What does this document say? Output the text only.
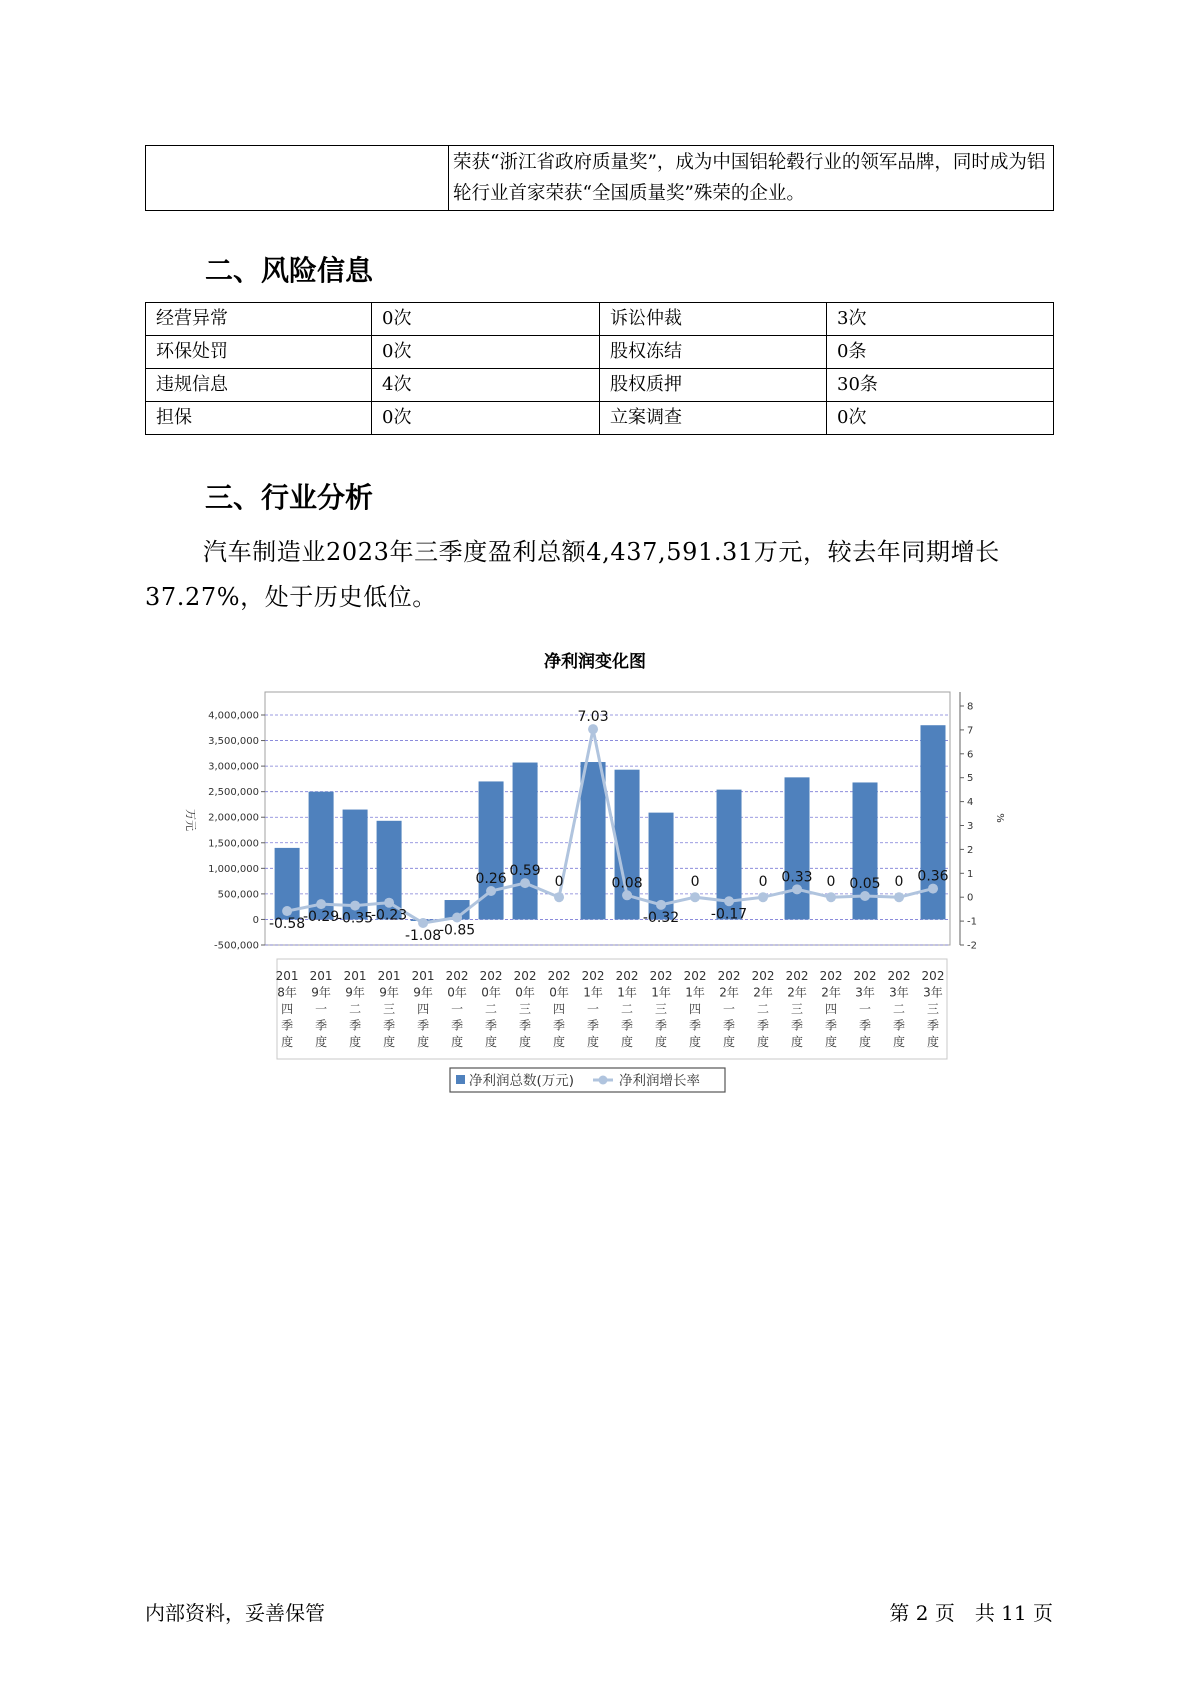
	荣获“浙江省政府质量奖”，成为中国铝轮毂行业的领军品牌，同时成为铝轮行业首家荣获“全国质量奖”殊荣的企业。
二、风险信息
经营异常	0次	诉讼仲裁	3次
环保处罚	0次	股权冻结	0条
违规信息	4次	股权质押	30条
担保	0次	立案调查	0次
三、行业分析

汽车制造业2023年三季度盈利总额4,437,591.31万元，较去年同期增长37.27%，处于历史低位。

净利润变化图
-500,000
0
500,000
1,000,000
1,500,000
2,000,000
2,500,000
3,000,000
3,500,000
4,000,000
-2
-1
0
1
2
3
4
5
6
7
8
万元	%
-0.58
-0.29
-0.35
-0.23
-1.08
-0.85
0.26 0.59
0
7.03
0.08
-0.32
0
-0.17
0 0.33 0 0.05 0 0.36
201
8年
四
季
度
201
9年
一
季
度
201
9年
二
季
度
201
9年
三
季
度
201
9年
四
季
度
202
0年
一
季
度
202
0年
二
季
度
202
0年
三
季
度
202
0年
四
季
度
202
1年
一
季
度
202
1年
二
季
度
202
1年
三
季
度
202
1年
四
季
度
202
2年
一
季
度
202
2年
二
季
度
202
2年
三
季
度
202
2年
四
季
度
202
3年
一
季
度
202
3年
二
季
度
202
3年
三
季
度
净利润总数(万元)	净利润增长率
内部资料，妥善保管	第 2 页　共 11 页
